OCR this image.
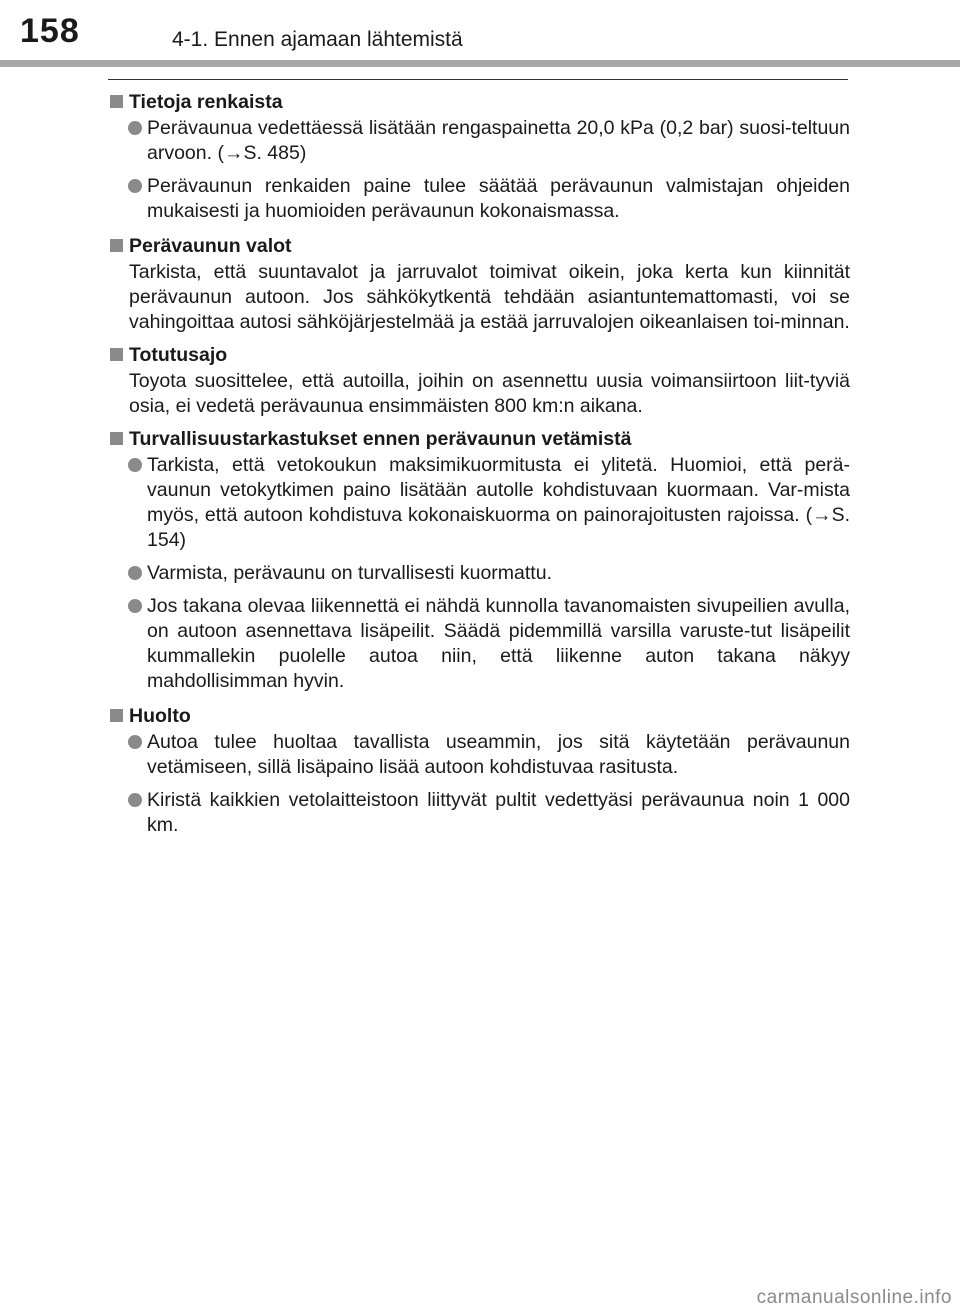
158	4-1. Ennen ajamaan lähtemistä
Tietoja renkaista
Perävaunua vedettäessä lisätään rengaspainetta 20,0 kPa (0,2 bar) suosi-teltuun arvoon. (→S. 485)
Perävaunun renkaiden paine tulee säätää perävaunun valmistajan ohjeiden mukaisesti ja huomioiden perävaunun kokonaismassa.
Perävaunun valot
Tarkista, että suuntavalot ja jarruvalot toimivat oikein, joka kerta kun kiinnität perävaunun autoon. Jos sähkökytkentä tehdään asiantuntemattomasti, voi se vahingoittaa autosi sähköjärjestelmää ja estää jarruvalojen oikeanlaisen toi-minnan.
Totutusajo
Toyota suosittelee, että autoilla, joihin on asennettu uusia voimansiirtoon liit-tyviä osia, ei vedetä perävaunua ensimmäisten 800 km:n aikana.
Turvallisuustarkastukset ennen perävaunun vetämistä
Tarkista, että vetokoukun maksimikuormitusta ei ylitetä. Huomioi, että perä-vaunun vetokytkimen paino lisätään autolle kohdistuvaan kuormaan. Var-mista myös, että autoon kohdistuva kokonaiskuorma on painorajoitusten rajoissa. (→S. 154)
Varmista, perävaunu on turvallisesti kuormattu.
Jos takana olevaa liikennettä ei nähdä kunnolla tavanomaisten sivupeilien avulla, on autoon asennettava lisäpeilit. Säädä pidemmillä varsilla varuste-tut lisäpeilit kummallekin puolelle autoa niin, että liikenne auton takana näkyy mahdollisimman hyvin.
Huolto
Autoa tulee huoltaa tavallista useammin, jos sitä käytetään perävaunun vetämiseen, sillä lisäpaino lisää autoon kohdistuvaa rasitusta.
Kiristä kaikkien vetolaitteistoon liittyvät pultit vedettyäsi perävaunua noin 1 000 km.
carmanualsonline.info
